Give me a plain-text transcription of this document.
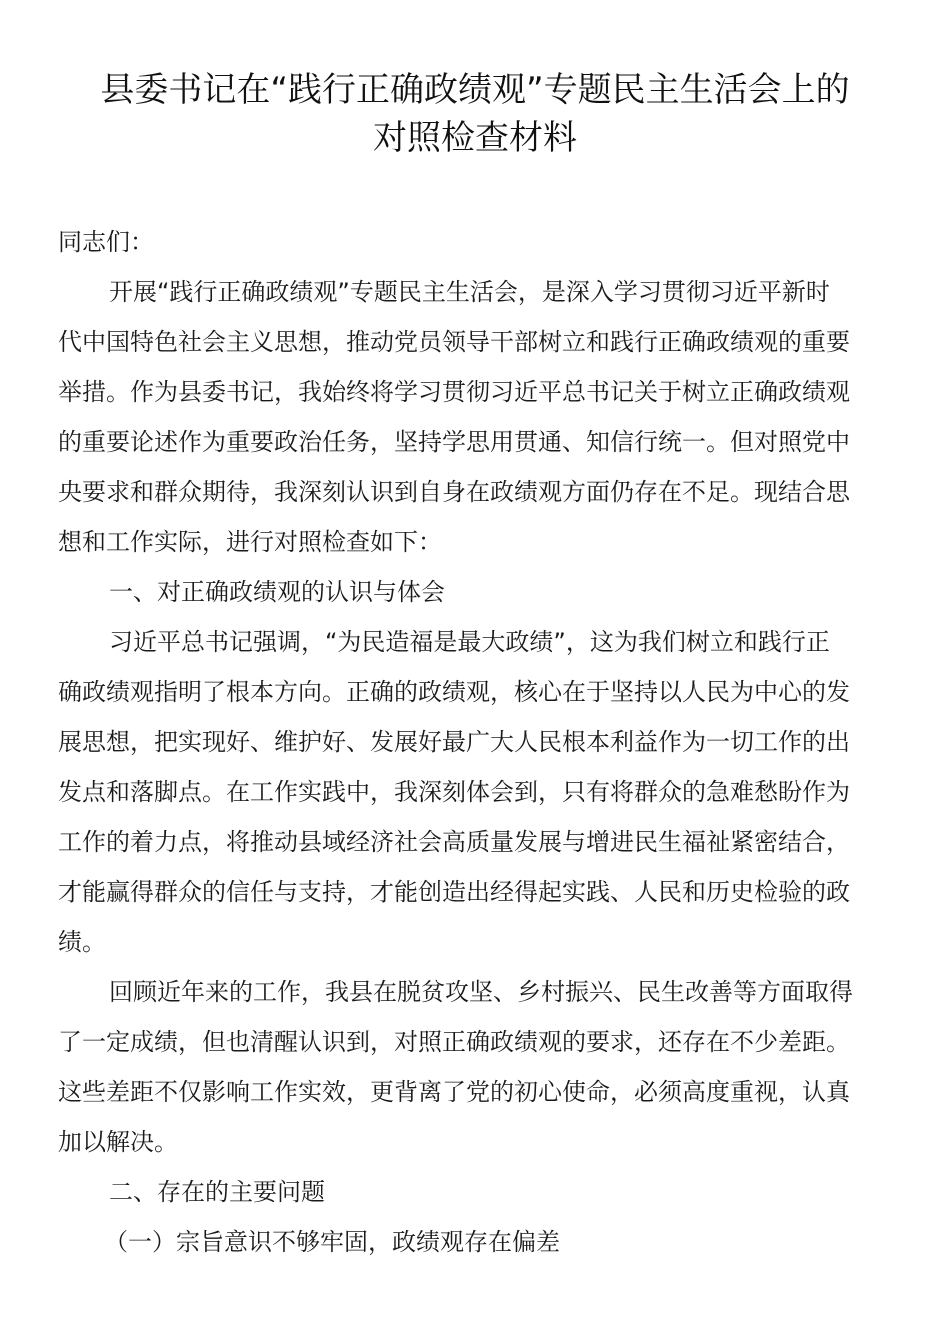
县委书记在“践行正确政绩观”专题民主生活会上的
对照检查材料
同志们：
开展“践行正确政绩观”专题民主生活会，是深入学习贯彻习近平新时
代中国特色社会主义思想，推动党员领导干部树立和践行正确政绩观的重要
举措。作为县委书记，我始终将学习贯彻习近平总书记关于树立正确政绩观
的重要论述作为重要政治任务，坚持学思用贯通、知信行统一。但对照党中
央要求和群众期待，我深刻认识到自身在政绩观方面仍存在不足。现结合思
想和工作实际，进行对照检查如下：
一、对正确政绩观的认识与体会
习近平总书记强调，“为民造福是最大政绩”，这为我们树立和践行正
确政绩观指明了根本方向。正确的政绩观，核心在于坚持以人民为中心的发
展思想，把实现好、维护好、发展好最广大人民根本利益作为一切工作的出
发点和落脚点。在工作实践中，我深刻体会到，只有将群众的急难愁盼作为
工作的着力点，将推动县域经济社会高质量发展与增进民生福祉紧密结合，
才能赢得群众的信任与支持，才能创造出经得起实践、人民和历史检验的政
绩。
回顾近年来的工作，我县在脱贫攻坚、乡村振兴、民生改善等方面取得
了一定成绩，但也清醒认识到，对照正确政绩观的要求，还存在不少差距。
这些差距不仅影响工作实效，更背离了党的初心使命，必须高度重视，认真
加以解决。
二、存在的主要问题
（一）宗旨意识不够牢固，政绩观存在偏差
